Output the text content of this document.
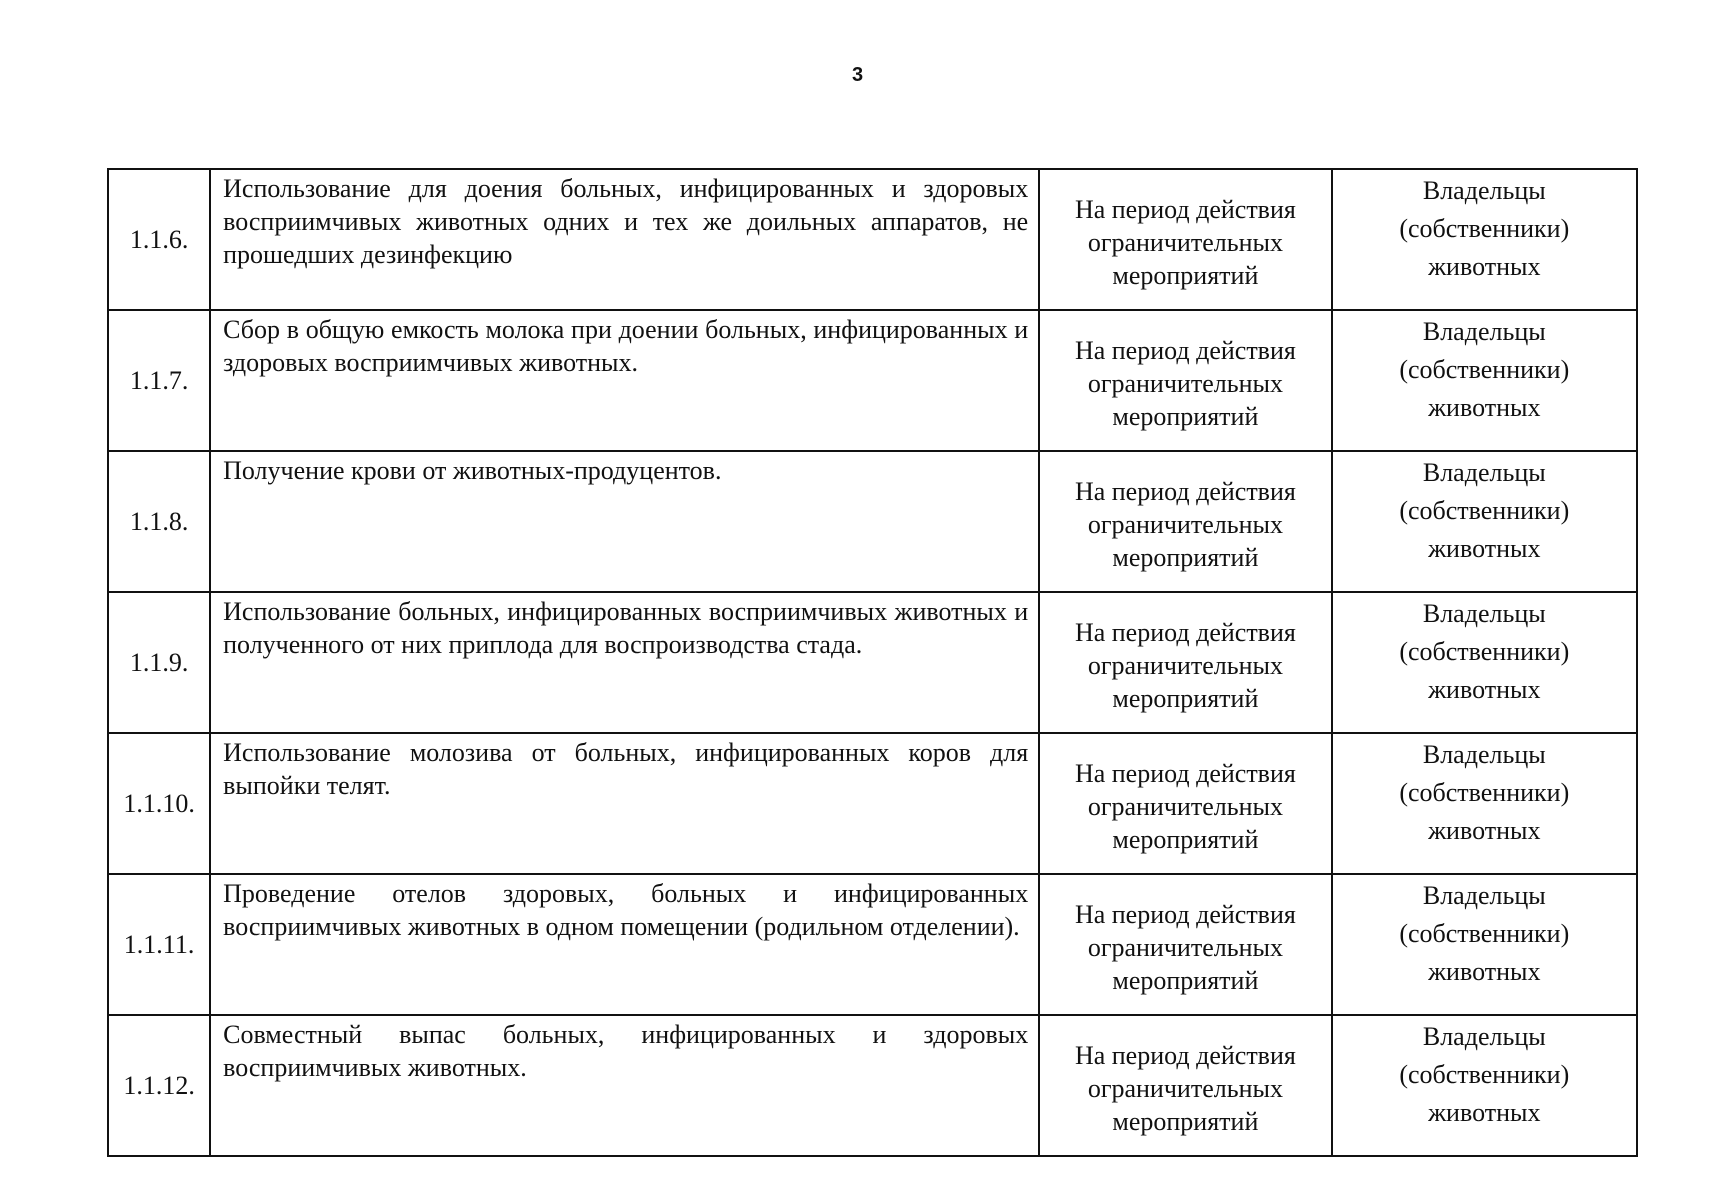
3
1.1.6.	Использование для доения больных, инфицированных и здоровых восприимчивых животных одних и тех же доильных аппаратов, не прошедших дезинфекцию	На период действия
ограничительных
мероприятий	Владельцы
(собственники)
животных

1.1.7.	Сбор в общую емкость молока при доении больных, инфицированных и здоровых восприимчивых животных.	На период действия
ограничительных
мероприятий	Владельцы
(собственники)
животных

1.1.8.	Получение крови от животных-продуцентов.	На период действия
ограничительных
мероприятий	Владельцы
(собственники)
животных

1.1.9.	Использование больных, инфицированных восприимчивых животных и полученного от них приплода для воспроизводства стада.	На период действия
ограничительных
мероприятий	Владельцы
(собственники)
животных

1.1.10.	Использование молозива от больных, инфицированных коров для выпойки телят.	На период действия
ограничительных
мероприятий	Владельцы
(собственники)
животных

1.1.11.	Проведение отелов здоровых, больных и инфицированных восприимчивых животных в одном помещении (родильном отделении).	На период действия
ограничительных
мероприятий	Владельцы
(собственники)
животных

1.1.12.	Совместный выпас больных, инфицированных и здоровых восприимчивых животных.	На период действия
ограничительных
мероприятий	Владельцы
(собственники)
животных
